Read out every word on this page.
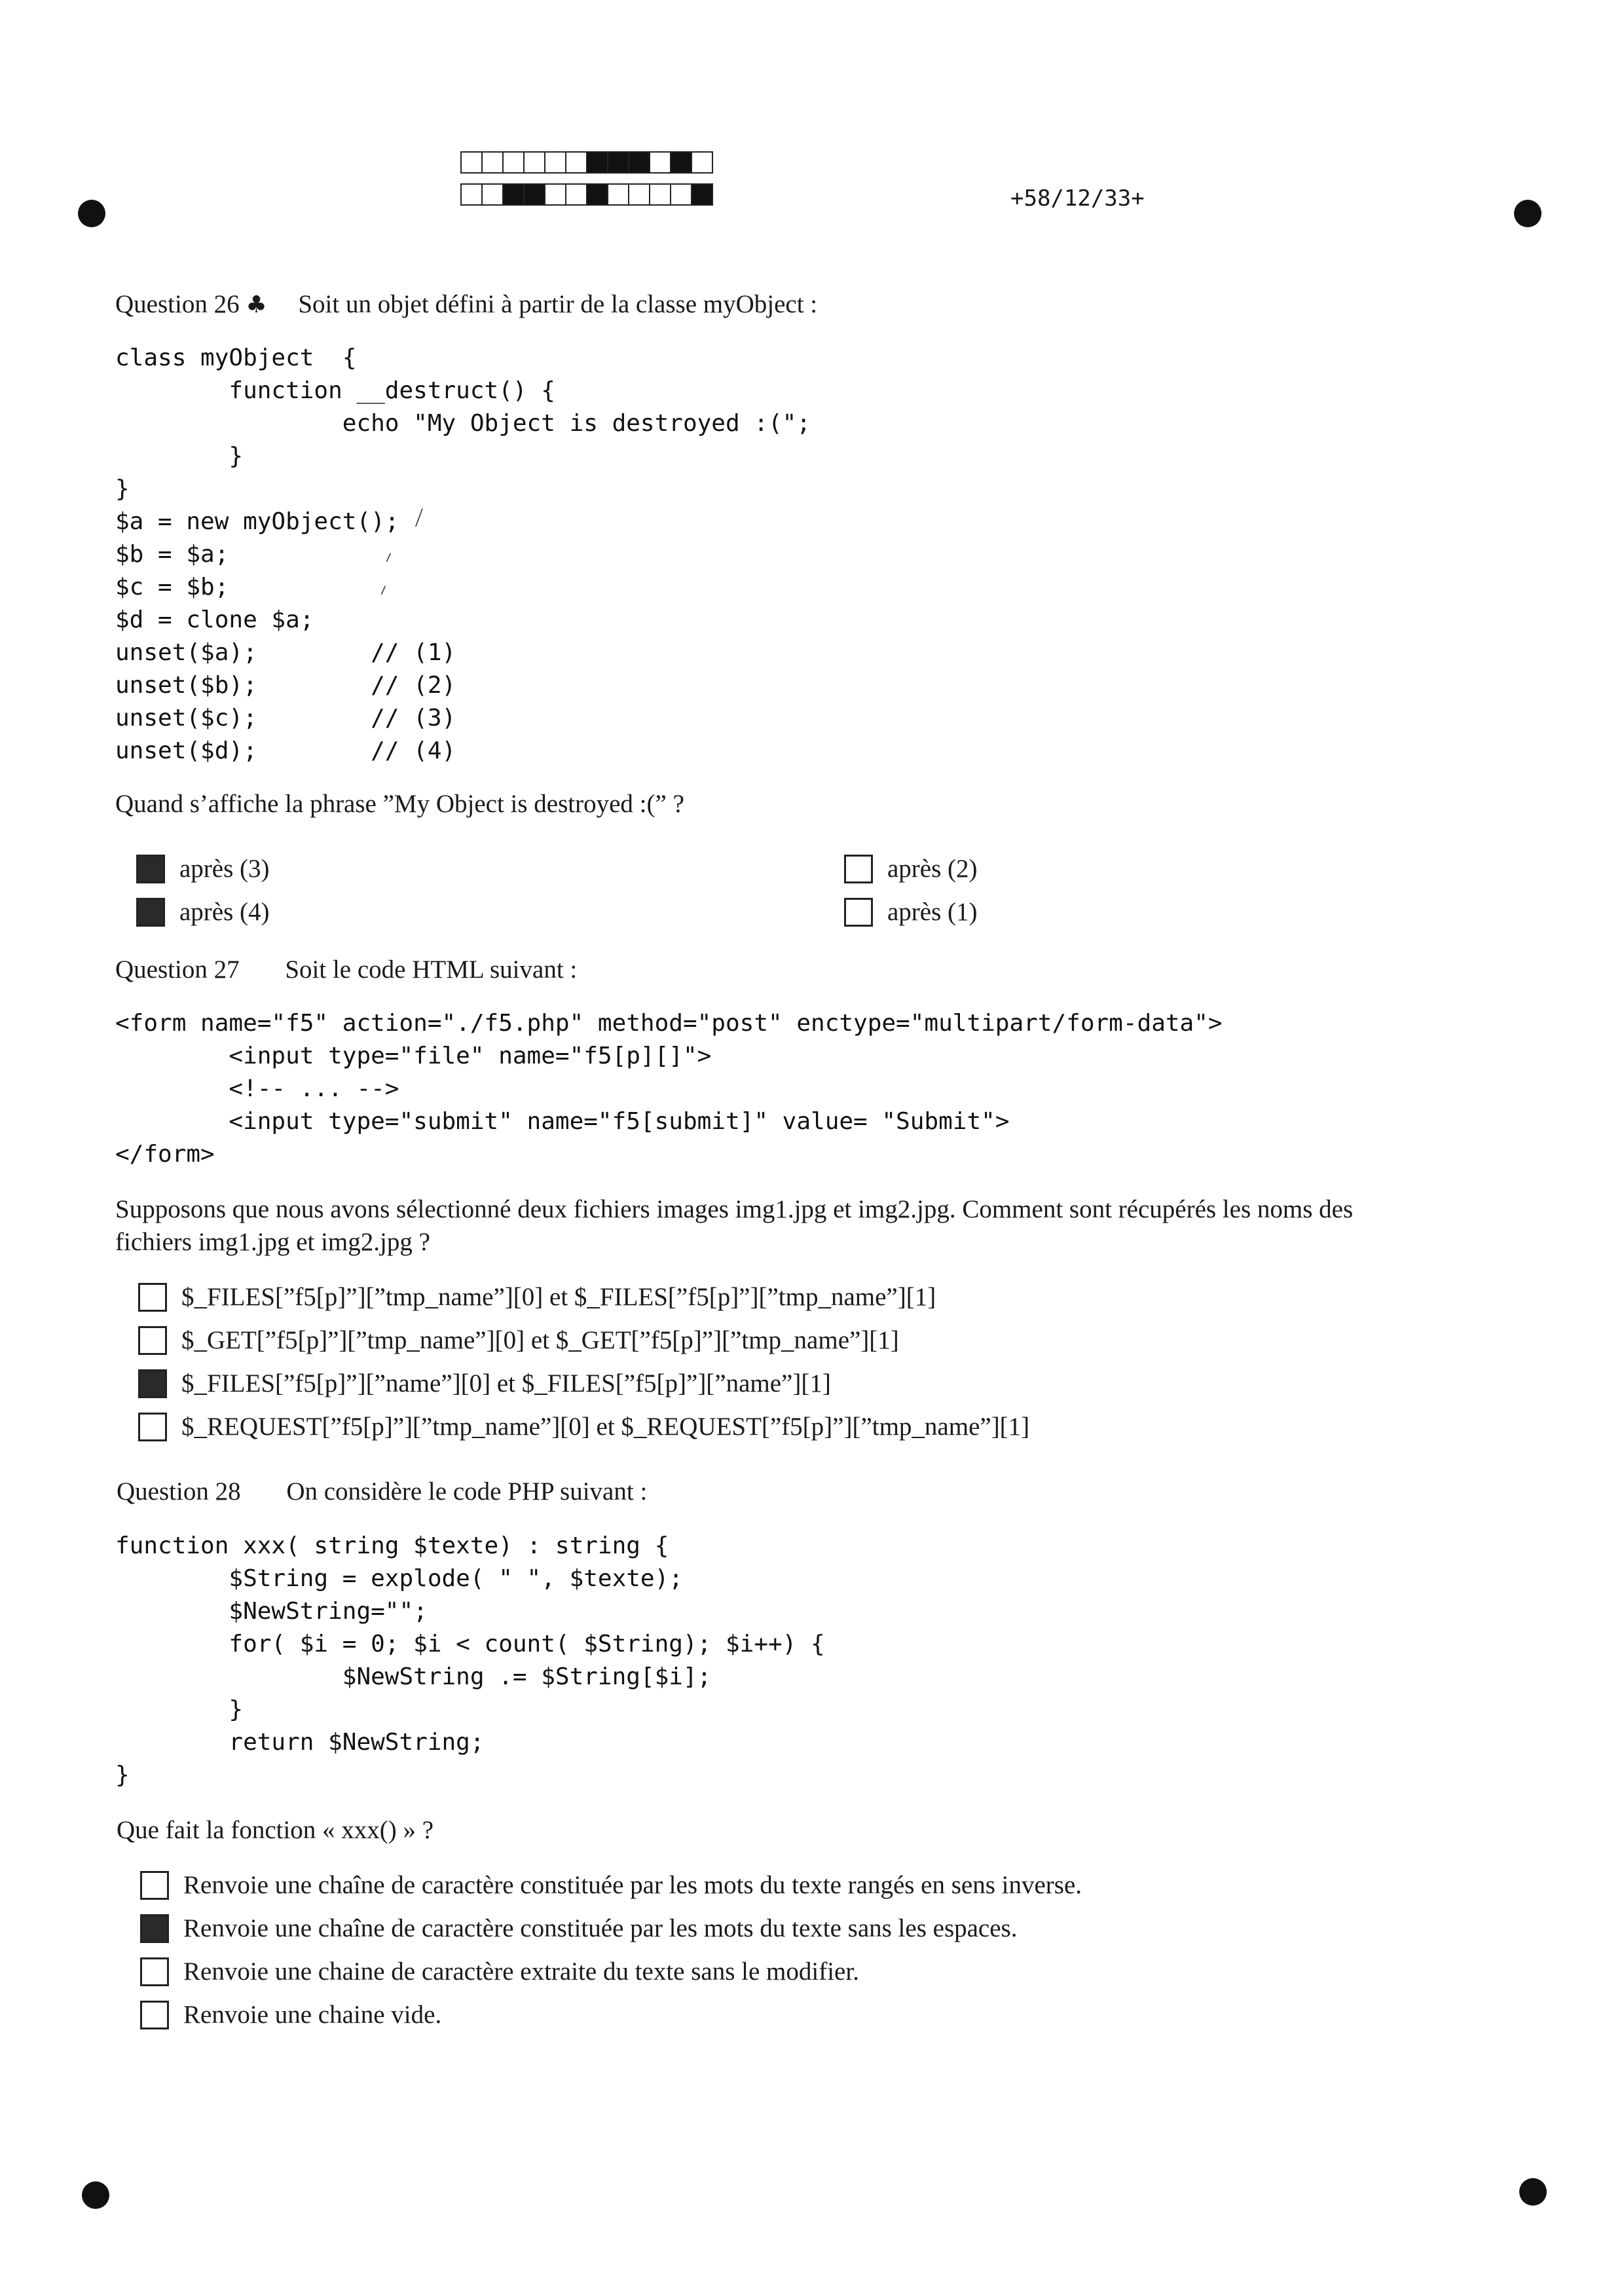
+58/12/33+
Question 26 ♣ Soit un objet défini à partir de la classe myObject :
class myObject  {
function __destruct() {
echo "My Object is destroyed :(";
}
}
$a = new myObject();
$b = $a;
$c = $b;
$d = clone $a;
unset($a);        // (1)
unset($b);        // (2)
unset($c);        // (3)
unset($d);        // (4)
⟋
⸝
⸝
Quand s’affiche la phrase ”My Object is destroyed :(” ?
après (3)
après (4)
après (2)
après (1)
Question 27 Soit le code HTML suivant :
<form name="f5" action="./f5.php" method="post" enctype="multipart/form-data">
<input type="file" name="f5[p][]">
<!-- ... -->
<input type="submit" name="f5[submit]" value= "Submit">
</form>
Supposons que nous avons sélectionné deux fichiers images img1.jpg et img2.jpg. Comment sont récupérés les noms des
fichiers img1.jpg et img2.jpg ?
$_FILES[”f5[p]”][”tmp_name”][0] et $_FILES[”f5[p]”][”tmp_name”][1]
$_GET[”f5[p]”][”tmp_name”][0] et $_GET[”f5[p]”][”tmp_name”][1]
$_FILES[”f5[p]”][”name”][0] et $_FILES[”f5[p]”][”name”][1]
$_REQUEST[”f5[p]”][”tmp_name”][0] et $_REQUEST[”f5[p]”][”tmp_name”][1]
Question 28 On considère le code PHP suivant :
function xxx( string $texte) : string {
$String = explode( " ", $texte);
$NewString="";
for( $i = 0; $i < count( $String); $i++) {
$NewString .= $String[$i];
}
return $NewString;
}
Que fait la fonction « xxx() » ?
Renvoie une chaîne de caractère constituée par les mots du texte rangés en sens inverse.
Renvoie une chaîne de caractère constituée par les mots du texte sans les espaces.
Renvoie une chaine de caractère extraite du texte sans le modifier.
Renvoie une chaine vide.
